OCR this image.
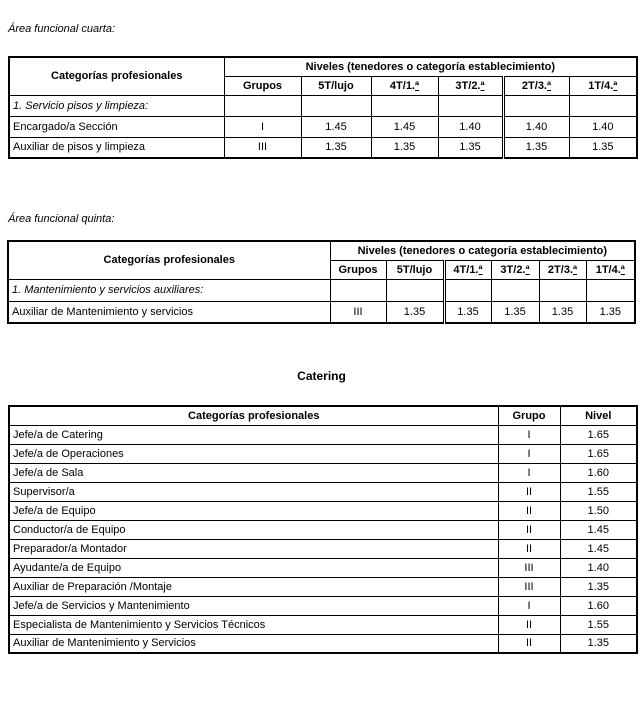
Área funcional cuarta:

Categorías profesionales	Niveles (tenedores o categoría establecimiento)					
	Grupos	5T/lujo	4T/1.ª	3T/2.ª	2T/3.ª	1T/4.ª
1. Servicio pisos y limpieza:						
Encargado/a Sección	I	1.45	1.45	1.40	1.40	1.40
Auxiliar de pisos y limpieza	III	1.35	1.35	1.35	1.35	1.35

Área funcional quinta:

Categorías profesionales	Niveles (tenedores o categoría establecimiento)					
	Grupos	5T/lujo	4T/1.ª	3T/2.ª	2T/3.ª	1T/4.ª
1. Mantenimiento y servicios auxiliares:						
Auxiliar de Mantenimiento y servicios	III	1.35	1.35	1.35	1.35	1.35

Catering

Categorías profesionales	Grupo	Nivel
Jefe/a de Catering	I	1.65
Jefe/a de Operaciones	I	1.65
Jefe/a de Sala	I	1.60
Supervisor/a	II	1.55
Jefe/a de Equipo	II	1.50
Conductor/a de Equipo	II	1.45
Preparador/a Montador	II	1.45
Ayudante/a de Equipo	III	1.40
Auxiliar de Preparación /Montaje	III	1.35
Jefe/a de Servicios y Mantenimiento	I	1.60
Especialista de Mantenimiento y Servicios Técnicos	II	1.55
Auxiliar de Mantenimiento y Servicios	II	1.35
